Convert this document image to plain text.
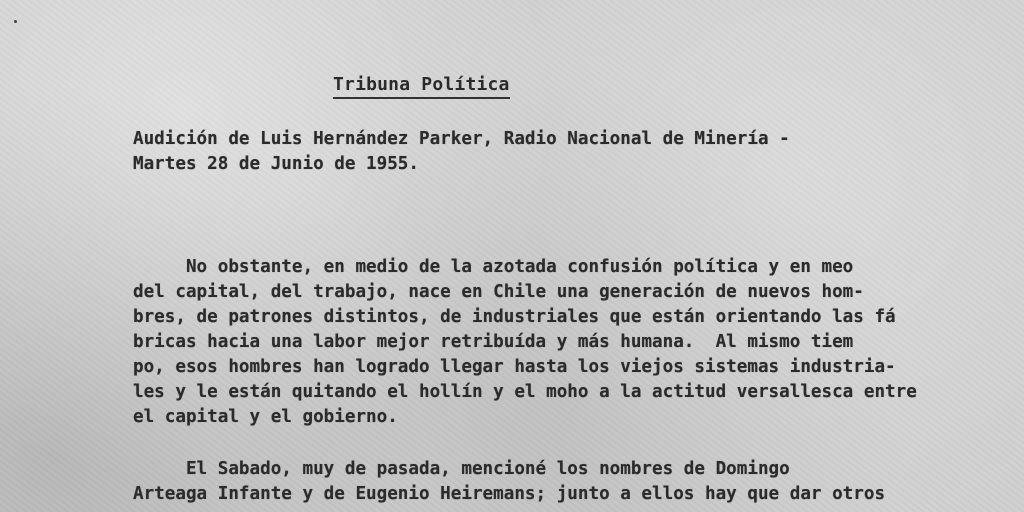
Tribuna Política
Audición de Luis Hernández Parker, Radio Nacional de Minería -
Martes 28 de Junio de 1955.
No obstante, en medio de la azotada confusión política y en meo
del capital, del trabajo, nace en Chile una generación de nuevos hom-
bres, de patrones distintos, de industriales que están orientando las fá
bricas hacia una labor mejor retribuída y más humana.  Al mismo tiem
po, esos hombres han logrado llegar hasta los viejos sistemas industria-
les y le están quitando el hollín y el moho a la actitud versallesca entre
el capital y el gobierno.
El Sabado, muy de pasada, mencioné los nombres de Domingo
Arteaga Infante y de Eugenio Heiremans; junto a ellos hay que dar otros
